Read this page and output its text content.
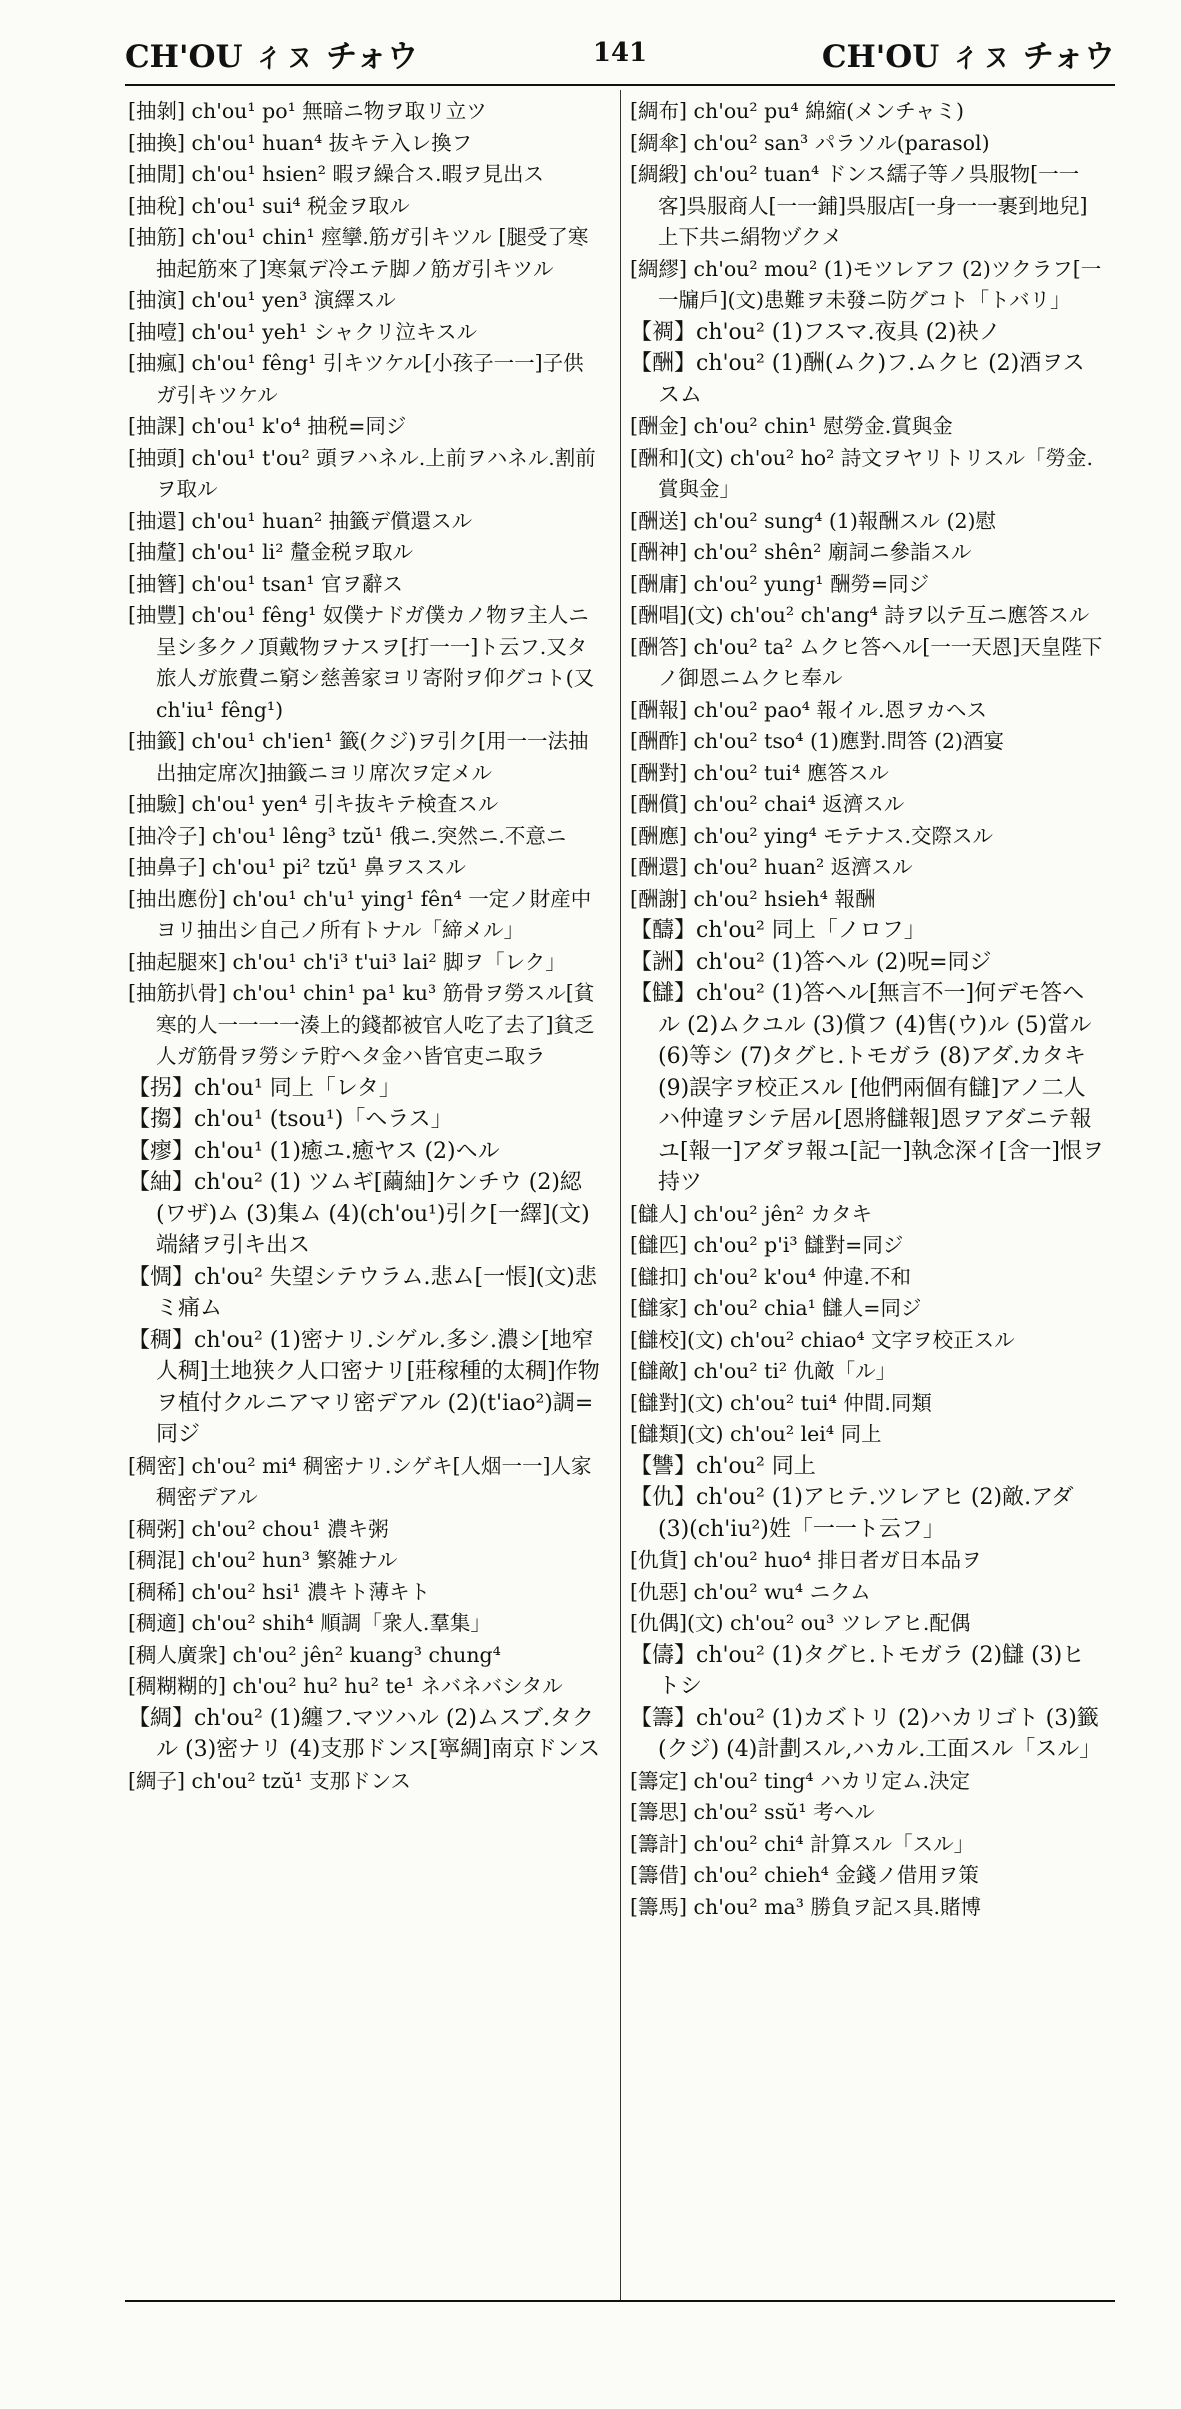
CH'OU ㄔㄡ チォウ	141	CH'OU ㄔㄡ チォウ

[抽剝] ch'ou¹ po¹ 無暗ニ物ヲ取リ立ツ

[抽換] ch'ou¹ huan⁴ 抜キテ入レ換フ

[抽閒] ch'ou¹ hsien² 暇ヲ繰合ス.暇ヲ見出ス

[抽稅] ch'ou¹ sui⁴ 税金ヲ取ル

[抽筋] ch'ou¹ chin¹ 痙攣.筋ガ引キツル [腿受了寒抽起筋來了]寒氣デ冷エテ脚ノ筋ガ引キツル

[抽演] ch'ou¹ yen³ 演繹スル

[抽噎] ch'ou¹ yeh¹ シャクリ泣キスル

[抽瘋] ch'ou¹ fêng¹ 引キツケル[小孩子一一]子供ガ引キツケル

[抽課] ch'ou¹ k'o⁴ 抽税=同ジ

[抽頭] ch'ou¹ t'ou² 頭ヲハネル.上前ヲハネル.割前ヲ取ル

[抽還] ch'ou¹ huan² 抽籤デ償還スル

[抽釐] ch'ou¹ li² 釐金税ヲ取ル

[抽簪] ch'ou¹ tsan¹ 官ヲ辭ス

[抽豐] ch'ou¹ fêng¹ 奴僕ナドガ僕カノ物ヲ主人ニ呈シ多クノ頂戴物ヲナスヲ[打一一]ト云フ.又タ旅人ガ旅費ニ窮シ慈善家ヨリ寄附ヲ仰グコト(又 ch'iu¹ fêng¹)

[抽籤] ch'ou¹ ch'ien¹ 籤(クジ)ヲ引ク[用一一法抽出抽定席次]抽籤ニヨリ席次ヲ定メル

[抽驗] ch'ou¹ yen⁴ 引キ抜キテ検査スル

[抽冷子] ch'ou¹ lêng³ tzŭ¹ 俄ニ.突然ニ.不意ニ

[抽鼻子] ch'ou¹ pi² tzŭ¹ 鼻ヲススル

[抽出應份] ch'ou¹ ch'u¹ ying¹ fên⁴ 一定ノ財産中ヨリ抽出シ自己ノ所有トナル「締メル」

[抽起腿來] ch'ou¹ ch'i³ t'ui³ lai² 脚ヲ「レク」

[抽筋扒骨] ch'ou¹ chin¹ pa¹ ku³ 筋骨ヲ勞スル[貧寒的人一一一一湊上的錢都被官人吃了去了]貧乏人ガ筋骨ヲ勞シテ貯ヘタ金ハ皆官吏ニ取ラ

【拐】ch'ou¹ 同上「レタ」

【搊】ch'ou¹ (tsou¹)「ヘラス」

【瘳】ch'ou¹ (1)癒ユ.癒ヤス (2)ヘル

【紬】ch'ou² (1) ツムギ[繭紬]ケンチウ (2)綛(ワザ)ム (3)集ム (4)(ch'ou¹)引ク[一繹](文)端緒ヲ引キ出ス

【惆】ch'ou² 失望シテウラム.悲ム[一悵](文)悲ミ痛ム

【稠】ch'ou² (1)密ナリ.シゲル.多シ.濃シ[地窄人稠]土地狭ク人口密ナリ[莊稼種的太稠]作物ヲ植付クルニアマリ密デアル (2)(t'iao²)調=同ジ

[稠密] ch'ou² mi⁴ 稠密ナリ.シゲキ[人烟一一]人家稠密デアル

[稠粥] ch'ou² chou¹ 濃キ粥

[稠混] ch'ou² hun³ 繁雑ナル

[稠稀] ch'ou² hsi¹ 濃キト薄キト

[稠適] ch'ou² shih⁴ 順調「衆人.羣集」

[稠人廣衆] ch'ou² jên² kuang³ chung⁴

[稠糊糊的] ch'ou² hu² hu² te¹ ネバネバシタル

【綢】ch'ou² (1)纏フ.マツハル (2)ムスブ.タクル (3)密ナリ (4)支那ドンス[寧綢]南京ドンス

[綢子] ch'ou² tzŭ¹ 支那ドンス

[綢布] ch'ou² pu⁴ 綿縮(メンチャミ)

[綢傘] ch'ou² san³ パラソル(parasol)

[綢緞] ch'ou² tuan⁴ ドンス繻子等ノ呉服物[一一客]呉服商人[一一鋪]呉服店[一身一一裹到地兒]上下共ニ絹物ヅクメ

[綢繆] ch'ou² mou² (1)モツレアフ (2)ツクラフ[一一牖戶](文)患難ヲ未發ニ防グコト「トバリ」

【裯】ch'ou² (1)フスマ.夜具 (2)袂ノ

【酬】ch'ou² (1)酬(ムク)フ.ムクヒ (2)酒ヲススム

[酬金] ch'ou² chin¹ 慰勞金.賞與金

[酬和](文) ch'ou² ho² 詩文ヲヤリトリスル「勞金.賞與金」

[酬送] ch'ou² sung⁴ (1)報酬スル (2)慰

[酬神] ch'ou² shên² 廟詞ニ參詣スル

[酬庸] ch'ou² yung¹ 酬勞=同ジ

[酬唱](文) ch'ou² ch'ang⁴ 詩ヲ以テ互ニ應答スル

[酬答] ch'ou² ta² ムクヒ答ヘル[一一天恩]天皇陛下ノ御恩ニムクヒ奉ル

[酬報] ch'ou² pao⁴ 報イル.恩ヲカヘス

[酬酢] ch'ou² tso⁴ (1)應對.問答 (2)酒宴

[酬對] ch'ou² tui⁴ 應答スル

[酬償] ch'ou² chai⁴ 返濟スル

[酬應] ch'ou² ying⁴ モテナス.交際スル

[酬還] ch'ou² huan² 返濟スル

[酬謝] ch'ou² hsieh⁴ 報酬

【醻】ch'ou² 同上「ノロフ」

【詶】ch'ou² (1)答ヘル (2)呪=同ジ

【讎】ch'ou² (1)答ヘル[無言不一]何デモ答ヘル (2)ムクユル (3)償フ (4)售(ウ)ル (5)當ル (6)等シ (7)タグヒ.トモガラ (8)アダ.カタキ (9)誤字ヲ校正スル [他們兩個有讎]アノ二人ハ仲違ヲシテ居ル[恩將讎報]恩ヲアダニテ報ユ[報一]アダヲ報ユ[記一]執念深イ[含一]恨ヲ持ツ

[讎人] ch'ou² jên² カタキ

[讎匹] ch'ou² p'i³ 讎對=同ジ

[讎扣] ch'ou² k'ou⁴ 仲違.不和

[讎家] ch'ou² chia¹ 讎人=同ジ

[讎校](文) ch'ou² chiao⁴ 文字ヲ校正スル

[讎敵] ch'ou² ti² 仇敵「ル」

[讎對](文) ch'ou² tui⁴ 仲間.同類

[讎類](文) ch'ou² lei⁴ 同上

【讐】ch'ou² 同上

【仇】ch'ou² (1)アヒテ.ツレアヒ (2)敵.アダ (3)(ch'iu²)姓「一一ト云フ」

[仇貨] ch'ou² huo⁴ 排日者ガ日本品ヲ

[仇惡] ch'ou² wu⁴ ニクム

[仇偶](文) ch'ou² ou³ ツレアヒ.配偶

【儔】ch'ou² (1)タグヒ.トモガラ (2)讎 (3)ヒトシ

【籌】ch'ou² (1)カズトリ (2)ハカリゴト (3)籤(クジ) (4)計劃スル,ハカル.工面スル「スル」

[籌定] ch'ou² ting⁴ ハカリ定ム.決定

[籌思] ch'ou² ssŭ¹ 考ヘル

[籌計] ch'ou² chi⁴ 計算スル「スル」

[籌借] ch'ou² chieh⁴ 金錢ノ借用ヲ策

[籌馬] ch'ou² ma³ 勝負ヲ記ス具.賭博
